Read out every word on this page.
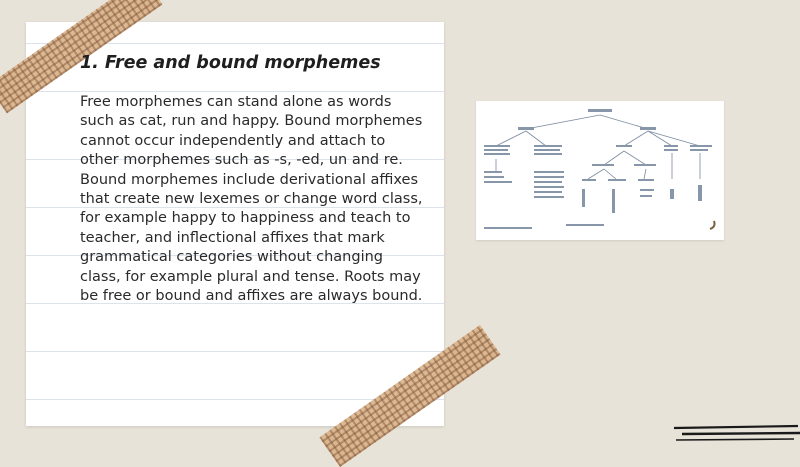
1. Free and bound morphemes

Free morphemes can stand alone as words such as cat, run and happy. Bound morphemes cannot occur independently and attach to other morphemes such as -s, -ed, un and re. Bound morphemes include derivational affixes that create new lexemes or change word class, for example happy to happiness and teach to teacher, and inflectional affixes that mark grammatical categories without changing class, for example plural and tense. Roots may be free or bound and affixes are always bound.
